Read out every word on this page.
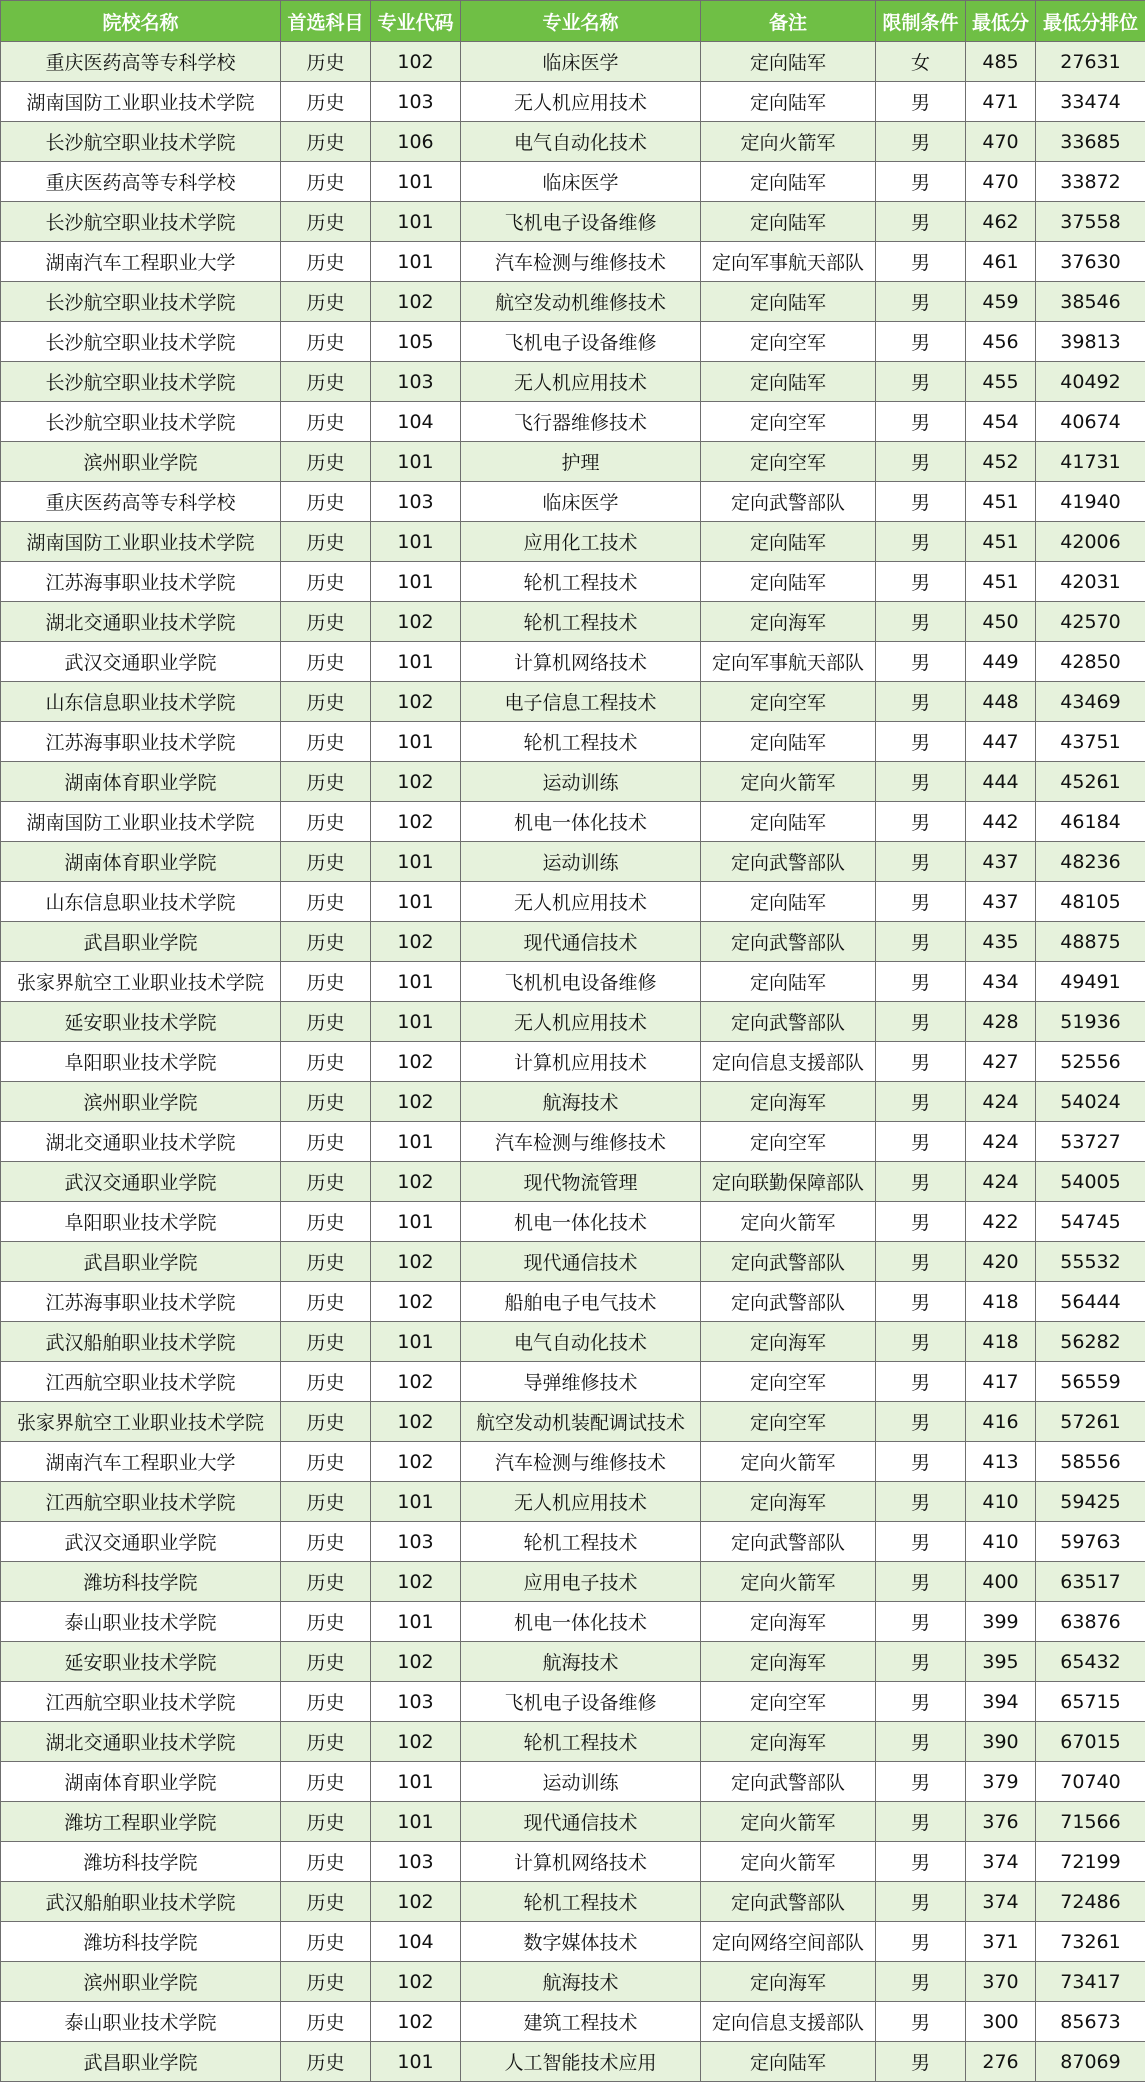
院校名称	首选科目	专业代码	专业名称	备注	限制条件	最低分	最低分排位
重庆医药高等专科学校	历史	102	临床医学	定向陆军	女	485	27631
湖南国防工业职业技术学院	历史	103	无人机应用技术	定向陆军	男	471	33474
长沙航空职业技术学院	历史	106	电气自动化技术	定向火箭军	男	470	33685
重庆医药高等专科学校	历史	101	临床医学	定向陆军	男	470	33872
长沙航空职业技术学院	历史	101	飞机电子设备维修	定向陆军	男	462	37558
湖南汽车工程职业大学	历史	101	汽车检测与维修技术	定向军事航天部队	男	461	37630
长沙航空职业技术学院	历史	102	航空发动机维修技术	定向陆军	男	459	38546
长沙航空职业技术学院	历史	105	飞机电子设备维修	定向空军	男	456	39813
长沙航空职业技术学院	历史	103	无人机应用技术	定向陆军	男	455	40492
长沙航空职业技术学院	历史	104	飞行器维修技术	定向空军	男	454	40674
滨州职业学院	历史	101	护理	定向空军	男	452	41731
重庆医药高等专科学校	历史	103	临床医学	定向武警部队	男	451	41940
湖南国防工业职业技术学院	历史	101	应用化工技术	定向陆军	男	451	42006
江苏海事职业技术学院	历史	101	轮机工程技术	定向陆军	男	451	42031
湖北交通职业技术学院	历史	102	轮机工程技术	定向海军	男	450	42570
武汉交通职业学院	历史	101	计算机网络技术	定向军事航天部队	男	449	42850
山东信息职业技术学院	历史	102	电子信息工程技术	定向空军	男	448	43469
江苏海事职业技术学院	历史	101	轮机工程技术	定向陆军	男	447	43751
湖南体育职业学院	历史	102	运动训练	定向火箭军	男	444	45261
湖南国防工业职业技术学院	历史	102	机电一体化技术	定向陆军	男	442	46184
湖南体育职业学院	历史	101	运动训练	定向武警部队	男	437	48236
山东信息职业技术学院	历史	101	无人机应用技术	定向陆军	男	437	48105
武昌职业学院	历史	102	现代通信技术	定向武警部队	男	435	48875
张家界航空工业职业技术学院	历史	101	飞机机电设备维修	定向陆军	男	434	49491
延安职业技术学院	历史	101	无人机应用技术	定向武警部队	男	428	51936
阜阳职业技术学院	历史	102	计算机应用技术	定向信息支援部队	男	427	52556
滨州职业学院	历史	102	航海技术	定向海军	男	424	54024
湖北交通职业技术学院	历史	101	汽车检测与维修技术	定向空军	男	424	53727
武汉交通职业学院	历史	102	现代物流管理	定向联勤保障部队	男	424	54005
阜阳职业技术学院	历史	101	机电一体化技术	定向火箭军	男	422	54745
武昌职业学院	历史	102	现代通信技术	定向武警部队	男	420	55532
江苏海事职业技术学院	历史	102	船舶电子电气技术	定向武警部队	男	418	56444
武汉船舶职业技术学院	历史	101	电气自动化技术	定向海军	男	418	56282
江西航空职业技术学院	历史	102	导弹维修技术	定向空军	男	417	56559
张家界航空工业职业技术学院	历史	102	航空发动机装配调试技术	定向空军	男	416	57261
湖南汽车工程职业大学	历史	102	汽车检测与维修技术	定向火箭军	男	413	58556
江西航空职业技术学院	历史	101	无人机应用技术	定向海军	男	410	59425
武汉交通职业学院	历史	103	轮机工程技术	定向武警部队	男	410	59763
潍坊科技学院	历史	102	应用电子技术	定向火箭军	男	400	63517
泰山职业技术学院	历史	101	机电一体化技术	定向海军	男	399	63876
延安职业技术学院	历史	102	航海技术	定向海军	男	395	65432
江西航空职业技术学院	历史	103	飞机电子设备维修	定向空军	男	394	65715
湖北交通职业技术学院	历史	102	轮机工程技术	定向海军	男	390	67015
湖南体育职业学院	历史	101	运动训练	定向武警部队	男	379	70740
潍坊工程职业学院	历史	101	现代通信技术	定向火箭军	男	376	71566
潍坊科技学院	历史	103	计算机网络技术	定向火箭军	男	374	72199
武汉船舶职业技术学院	历史	102	轮机工程技术	定向武警部队	男	374	72486
潍坊科技学院	历史	104	数字媒体技术	定向网络空间部队	男	371	73261
滨州职业学院	历史	102	航海技术	定向海军	男	370	73417
泰山职业技术学院	历史	102	建筑工程技术	定向信息支援部队	男	300	85673
武昌职业学院	历史	101	人工智能技术应用	定向陆军	男	276	87069
